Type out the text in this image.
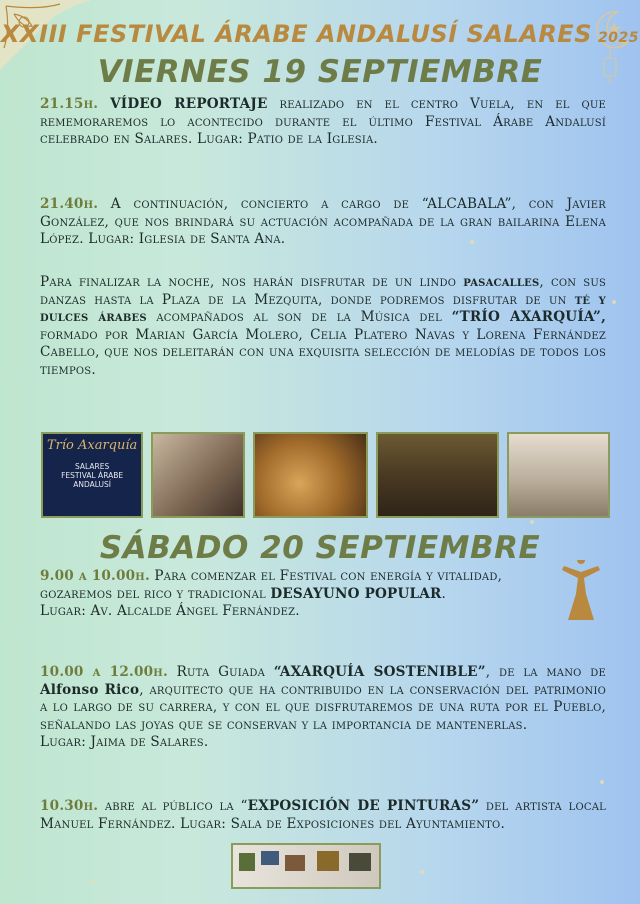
XXIII FESTIVAL ÁRABE ANDALUSÍ SALARES 2025
VIERNES 19 SEPTIEMBRE
21.15h. VÍDEO REPORTAJE realizado en el centro Vuela, en el que rememoraremos lo acontecido durante el último Festival Árabe Andalusí celebrado en Salares. Lugar: Patio de la Iglesia.
21.40h. A continuación, concierto a cargo de “ALCABALA”, con Javier González, que nos brindará su actuación acompañada de la gran bailarina Elena López. Lugar: Iglesia de Santa Ana.
Para finalizar la noche, nos harán disfrutar de un lindo pasacalles, con sus danzas hasta la Plaza de la Mezquita, donde podremos disfrutar de un té y dulces árabes acompañados al son de la Música del “TRÍO AXARQUÍA”, formado por Marian García Molero, Celia Platero Navas y Lorena Fernández Cabello, que nos deleitarán con una exquisita selección de melodías de todos los tiempos.
Trío Axarquía
SALARES
FESTIVAL ÁRABE ANDALUSÍ
SÁBADO 20 SEPTIEMBRE
9.00 a 10.00h. Para comenzar el Festival con energía y vitalidad,
gozaremos del rico y tradicional DESAYUNO POPULAR.
Lugar: Av. Alcalde Ángel Fernández.
10.00 a 12.00h. Ruta Guiada “AXARQUÍA SOSTENIBLE”, de la mano de Alfonso Rico, arquitecto que ha contribuido en la conservación del patrimonio a lo largo de su carrera, y con el que disfrutaremos de una ruta por el Pueblo, señalando las joyas que se conservan y la importancia de mantenerlas.
Lugar: Jaima de Salares.
10.30h. abre al público la “EXPOSICIÓN DE PINTURAS” del artista local Manuel Fernández. Lugar: Sala de Exposiciones del Ayuntamiento.
